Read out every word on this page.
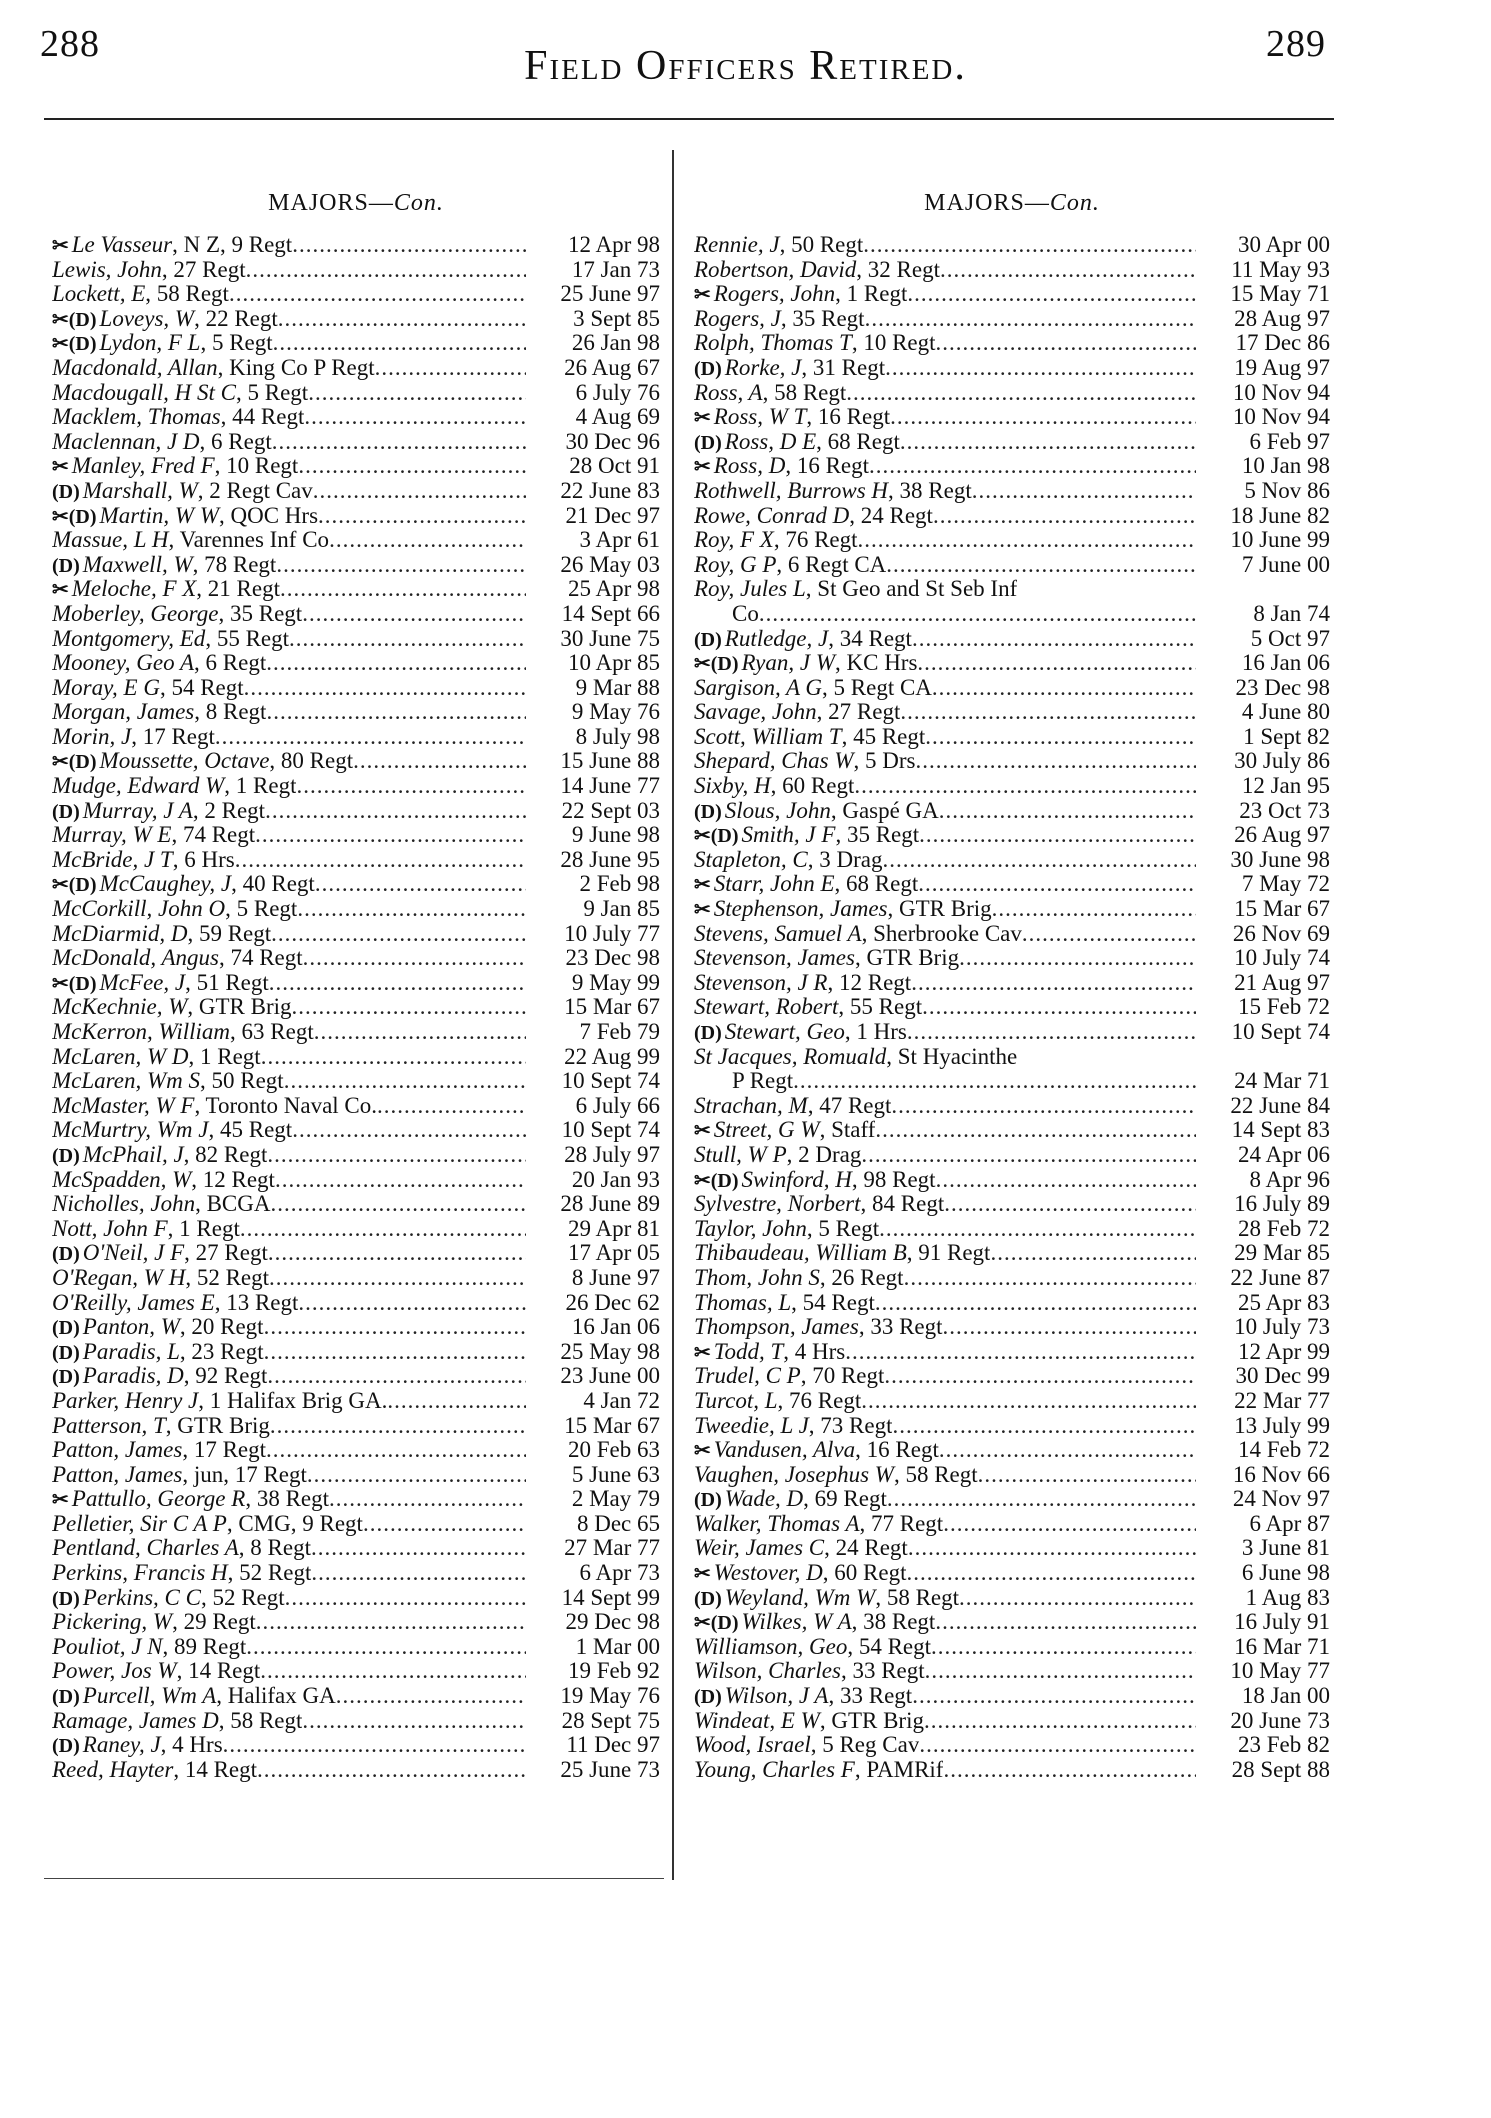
288	Field Officers Retired.	289
MAJORS—Con.
✂ Le Vasseur, N Z, 9 Regt .....	12 Apr 98
Lewis, John, 27 Regt .....	17 Jan 73
Lockett, E, 58 Regt .....	25 June 97
✂(D) Loveys, W, 22 Regt .....	3 Sept 85
✂(D) Lydon, F L, 5 Regt .....	26 Jan 98
Macdonald, Allan, King Co P Regt .....	26 Aug 67
Macdougall, H St C, 5 Regt .....	6 July 76
Macklem, Thomas, 44 Regt .....	4 Aug 69
Maclennan, J D, 6 Regt .....	30 Dec 96
✂ Manley, Fred F, 10 Regt .....	28 Oct 91
(D) Marshall, W, 2 Regt Cav .....	22 June 83
✂(D) Martin, W W, QOC Hrs .....	21 Dec 97
Massue, L H, Varennes Inf Co .....	3 Apr 61
(D) Maxwell, W, 78 Regt .....	26 May 03
✂ Meloche, F X, 21 Regt .....	25 Apr 98
Moberley, George, 35 Regt .....	14 Sept 66
Montgomery, Ed, 55 Regt .....	30 June 75
Mooney, Geo A, 6 Regt .....	10 Apr 85
Moray, E G, 54 Regt .....	9 Mar 88
Morgan, James, 8 Regt .....	9 May 76
Morin, J, 17 Regt .....	8 July 98
✂(D) Moussette, Octave, 80 Regt .....	15 June 88
Mudge, Edward W, 1 Regt .....	14 June 77
(D) Murray, J A, 2 Regt .....	22 Sept 03
Murray, W E, 74 Regt .....	9 June 98
McBride, J T, 6 Hrs .....	28 June 95
✂(D) McCaughey, J, 40 Regt .....	2 Feb 98
McCorkill, John O, 5 Regt .....	9 Jan 85
McDiarmid, D, 59 Regt .....	10 July 77
McDonald, Angus, 74 Regt .....	23 Dec 98
✂(D) McFee, J, 51 Regt .....	9 May 99
McKechnie, W, GTR Brig .....	15 Mar 67
McKerron, William, 63 Regt .....	7 Feb 79
McLaren, W D, 1 Regt .....	22 Aug 99
McLaren, Wm S, 50 Regt .....	10 Sept 74
McMaster, W F, Toronto Naval Co. .....	6 July 66
McMurtry, Wm J, 45 Regt .....	10 Sept 74
(D) McPhail, J, 82 Regt .....	28 July 97
McSpadden, W, 12 Regt .....	20 Jan 93
Nicholles, John, BCGA .....	28 June 89
Nott, John F, 1 Regt .....	29 Apr 81
(D) O'Neil, J F, 27 Regt .....	17 Apr 05
O'Regan, W H, 52 Regt .....	8 June 97
O'Reilly, James E, 13 Regt .....	26 Dec 62
(D) Panton, W, 20 Regt .....	16 Jan 06
(D) Paradis, L, 23 Regt .....	25 May 98
(D) Paradis, D, 92 Regt .....	23 June 00
Parker, Henry J, 1 Halifax Brig GA. .....	4 Jan 72
Patterson, T, GTR Brig .....	15 Mar 67
Patton, James, 17 Regt .....	20 Feb 63
Patton, James, jun, 17 Regt .....	5 June 63
✂ Pattullo, George R, 38 Regt .....	2 May 79
Pelletier, Sir C A P, CMG, 9 Regt .....	8 Dec 65
Pentland, Charles A, 8 Regt .....	27 Mar 77
Perkins, Francis H, 52 Regt .....	6 Apr 73
(D) Perkins, C C, 52 Regt .....	14 Sept 99
Pickering, W, 29 Regt .....	29 Dec 98
Pouliot, J N, 89 Regt .....	1 Mar 00
Power, Jos W, 14 Regt .....	19 Feb 92
(D) Purcell, Wm A, Halifax GA .....	19 May 76
Ramage, James D, 58 Regt .....	28 Sept 75
(D) Raney, J, 4 Hrs .....	11 Dec 97
Reed, Hayter, 14 Regt .....	25 June 73
MAJORS—Con.
Rennie, J, 50 Regt .....	30 Apr 00
Robertson, David, 32 Regt .....	11 May 93
✂ Rogers, John, 1 Regt .....	15 May 71
Rogers, J, 35 Regt .....	28 Aug 97
Rolph, Thomas T, 10 Regt .....	17 Dec 86
(D) Rorke, J, 31 Regt .....	19 Aug 97
Ross, A, 58 Regt .....	10 Nov 94
✂ Ross, W T, 16 Regt .....	10 Nov 94
(D) Ross, D E, 68 Regt .....	6 Feb 97
✂ Ross, D, 16 Regt .....	10 Jan 98
Rothwell, Burrows H, 38 Regt .....	5 Nov 86
Rowe, Conrad D, 24 Regt .....	18 June 82
Roy, F X, 76 Regt .....	10 June 99
Roy, G P, 6 Regt CA .....	7 June 00
Roy, Jules L, St Geo and St Seb Inf
Co .....	8 Jan 74
(D) Rutledge, J, 34 Regt .....	5 Oct 97
✂(D) Ryan, J W, KC Hrs .....	16 Jan 06
Sargison, A G, 5 Regt CA .....	23 Dec 98
Savage, John, 27 Regt .....	4 June 80
Scott, William T, 45 Regt .....	1 Sept 82
Shepard, Chas W, 5 Drs .....	30 July 86
Sixby, H, 60 Regt .....	12 Jan 95
(D) Slous, John, Gaspé GA .....	23 Oct 73
✂(D) Smith, J F, 35 Regt .....	26 Aug 97
Stapleton, C, 3 Drag .....	30 June 98
✂ Starr, John E, 68 Regt .....	7 May 72
✂ Stephenson, James, GTR Brig .....	15 Mar 67
Stevens, Samuel A, Sherbrooke Cav .....	26 Nov 69
Stevenson, James, GTR Brig .....	10 July 74
Stevenson, J R, 12 Regt .....	21 Aug 97
Stewart, Robert, 55 Regt .....	15 Feb 72
(D) Stewart, Geo, 1 Hrs .....	10 Sept 74
St Jacques, Romuald, St Hyacinthe
P Regt .....	24 Mar 71
Strachan, M, 47 Regt .....	22 June 84
✂ Street, G W, Staff .....	14 Sept 83
Stull, W P, 2 Drag .....	24 Apr 06
✂(D) Swinford, H, 98 Regt .....	8 Apr 96
Sylvestre, Norbert, 84 Regt .....	16 July 89
Taylor, John, 5 Regt .....	28 Feb 72
Thibaudeau, William B, 91 Regt .....	29 Mar 85
Thom, John S, 26 Regt .....	22 June 87
Thomas, L, 54 Regt .....	25 Apr 83
Thompson, James, 33 Regt .....	10 July 73
✂ Todd, T, 4 Hrs .....	12 Apr 99
Trudel, C P, 70 Regt .....	30 Dec 99
Turcot, L, 76 Regt .....	22 Mar 77
Tweedie, L J, 73 Regt .....	13 July 99
✂ Vandusen, Alva, 16 Regt .....	14 Feb 72
Vaughen, Josephus W, 58 Regt .....	16 Nov 66
(D) Wade, D, 69 Regt .....	24 Nov 97
Walker, Thomas A, 77 Regt .....	6 Apr 87
Weir, James C, 24 Regt .....	3 June 81
✂ Westover, D, 60 Regt .....	6 June 98
(D) Weyland, Wm W, 58 Regt .....	1 Aug 83
✂(D) Wilkes, W A, 38 Regt .....	16 July 91
Williamson, Geo, 54 Regt .....	16 Mar 71
Wilson, Charles, 33 Regt .....	10 May 77
(D) Wilson, J A, 33 Regt .....	18 Jan 00
Windeat, E W, GTR Brig .....	20 June 73
Wood, Israel, 5 Reg Cav .....	23 Feb 82
Young, Charles F, PAMRif .....	28 Sept 88
